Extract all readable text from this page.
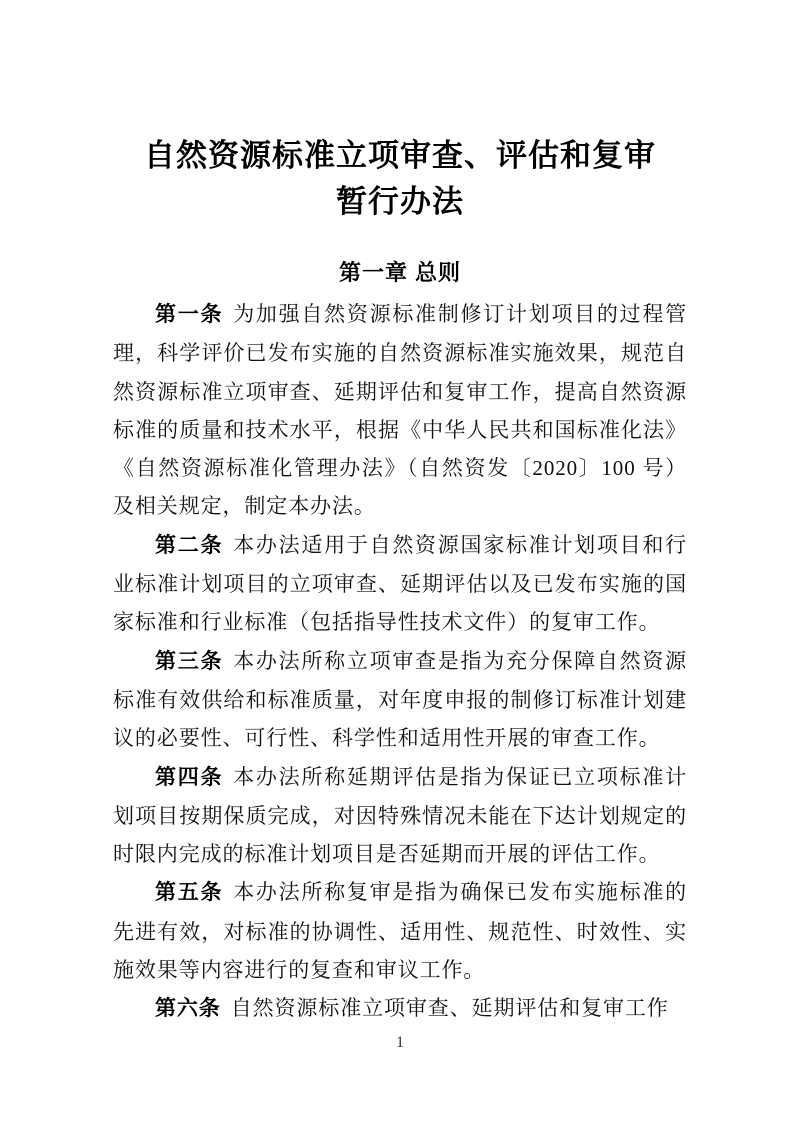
自然资源标准立项审查、评估和复审
暂行办法
第一章 总则

第一条 为加强自然资源标准制修订计划项目的过程管理，科学评价已发布实施的自然资源标准实施效果，规范自然资源标准立项审查、延期评估和复审工作，提高自然资源标准的质量和技术水平，根据《中华人民共和国标准化法》《自然资源标准化管理办法》（自然资发〔2020〕100 号）及相关规定，制定本办法。

第二条 本办法适用于自然资源国家标准计划项目和行业标准计划项目的立项审查、延期评估以及已发布实施的国家标准和行业标准（包括指导性技术文件）的复审工作。

第三条 本办法所称立项审查是指为充分保障自然资源标准有效供给和标准质量，对年度申报的制修订标准计划建议的必要性、可行性、科学性和适用性开展的审查工作。

第四条 本办法所称延期评估是指为保证已立项标准计划项目按期保质完成，对因特殊情况未能在下达计划规定的时限内完成的标准计划项目是否延期而开展的评估工作。

第五条 本办法所称复审是指为确保已发布实施标准的先进有效，对标准的协调性、适用性、规范性、时效性、实施效果等内容进行的复查和审议工作。

第六条 自然资源标准立项审查、延期评估和复审工作

1
